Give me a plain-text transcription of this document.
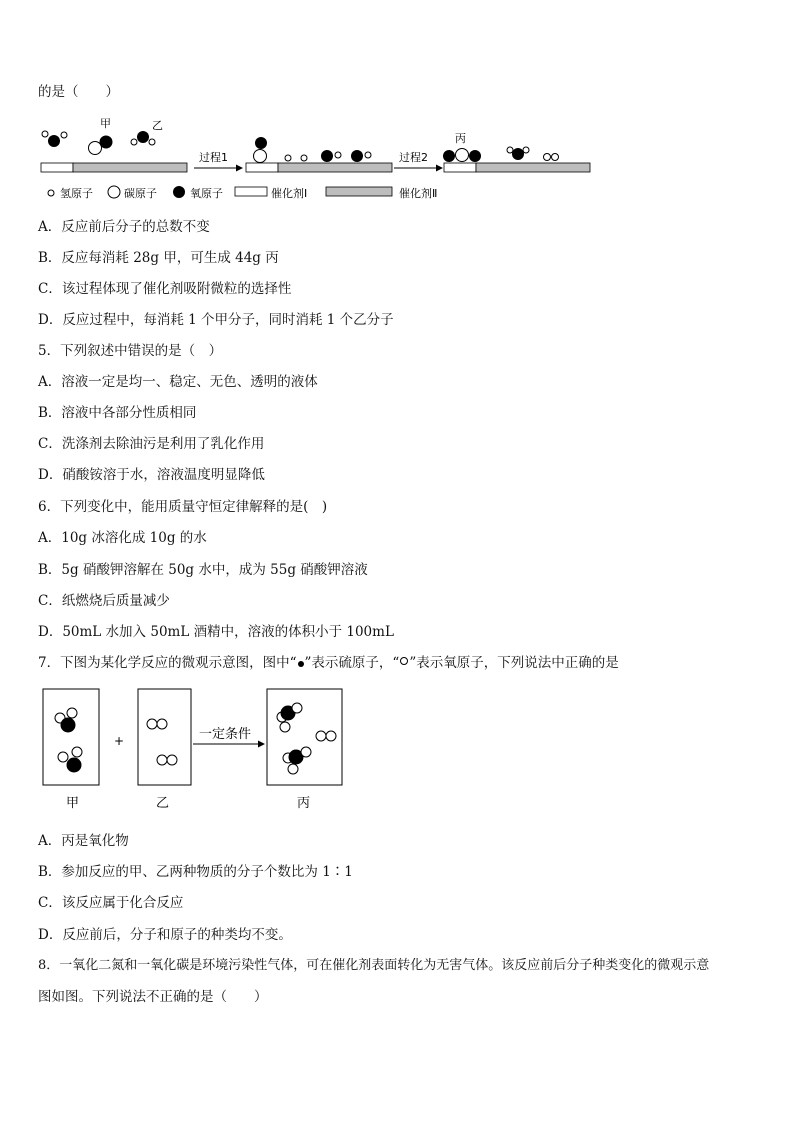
的是（　　）
甲	乙
丙
过程1	过程2
氢原子	碳原子	氧原子	催化剂Ⅰ	催化剂Ⅱ
A．反应前后分子的总数不变
B．反应每消耗 28g 甲，可生成 44g 丙
C．该过程体现了催化剂吸附微粒的选择性
D．反应过程中，每消耗 1 个甲分子，同时消耗 1 个乙分子
5．下列叙述中错误的是（　）
A．溶液一定是均一、稳定、无色、透明的液体
B．溶液中各部分性质相同
C．洗涤剂去除油污是利用了乳化作用
D．硝酸铵溶于水，溶液温度明显降低
6．下列变化中，能用质量守恒定律解释的是(　)
A．10g 冰溶化成 10g 的水
B．5g 硝酸钾溶解在 50g 水中，成为 55g 硝酸钾溶液
C．纸燃烧后质量减少
D．50mL 水加入 50mL 酒精中，溶液的体积小于 100mL
7．下图为某化学反应的微观示意图，图中“ ”表示硫原子，“ ”表示氧原子，下列说法中正确的是
+	一定条件
甲	乙	丙
A．丙是氧化物
B．参加反应的甲、乙两种物质的分子个数比为 1∶1
C．该反应属于化合反应
D．反应前后，分子和原子的种类均不变。
8．一氧化二氮和一氧化碳是环境污染性气体，可在催化剂表面转化为无害气体。该反应前后分子种类变化的微观示意
图如图。下列说法不正确的是（　　）
